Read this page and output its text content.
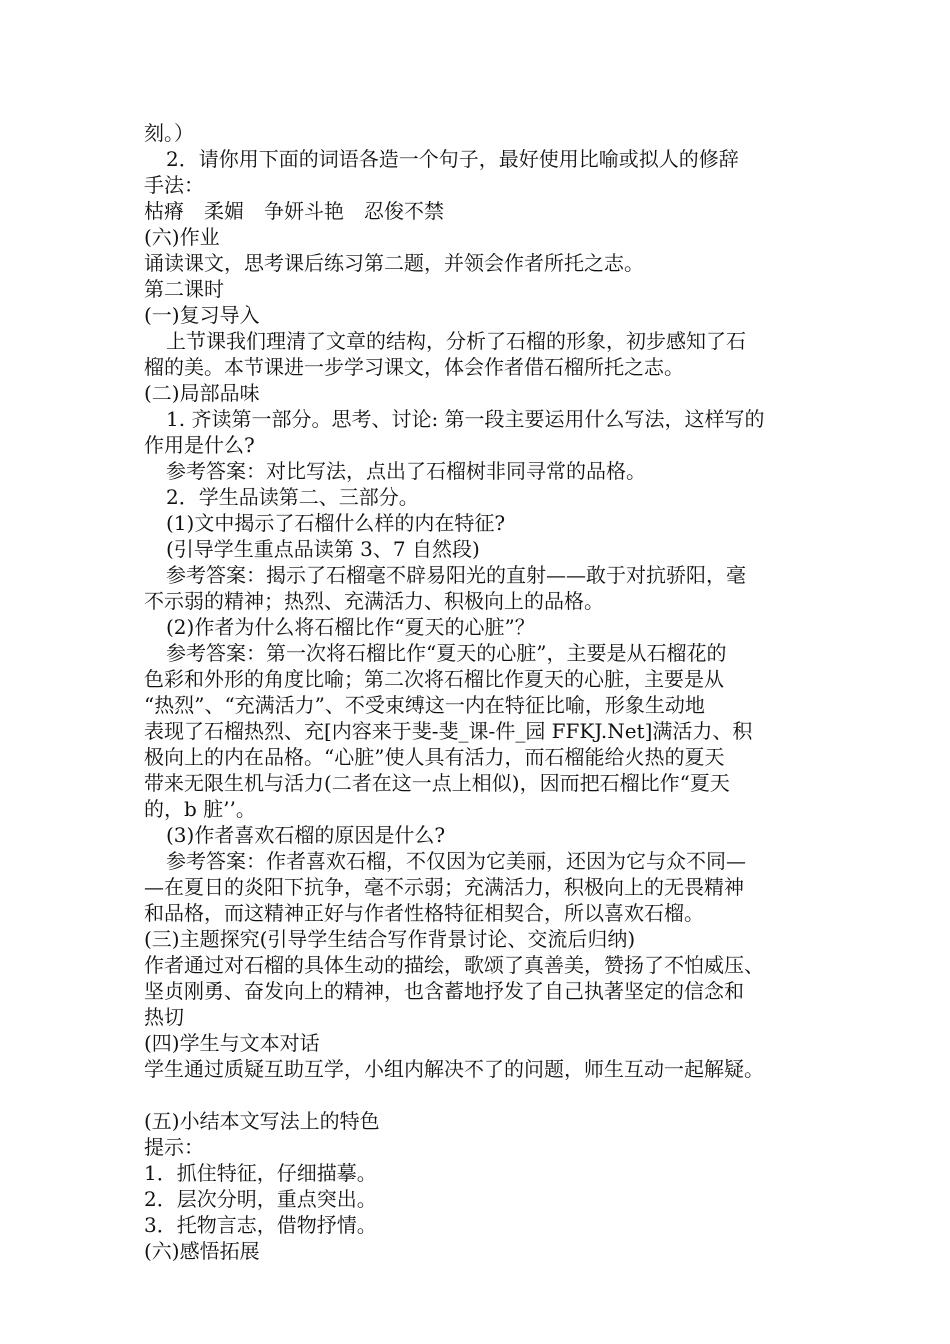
刻。）
2．请你用下面的词语各造一个句子，最好使用比喻或拟人的修辞
手法：
枯瘠　柔媚　争妍斗艳　忍俊不禁
(六)作业
诵读课文，思考课后练习第二题，并领会作者所托之志。
第二课时
(一)复习导入
上节课我们理清了文章的结构，分析了石榴的形象，初步感知了石
榴的美。本节课进一步学习课文，体会作者借石榴所托之志。
(二)局部品味
1. 齐读第一部分。思考、讨论: 第一段主要运用什么写法，这样写的
作用是什么?
参考答案：对比写法，点出了石榴树非同寻常的品格。
2．学生品读第二、三部分。
(1)文中揭示了石榴什么样的内在特征?
(引导学生重点品读第 3、7 自然段)
参考答案：揭示了石榴毫不辟易阳光的直射——敢于对抗骄阳，毫
不示弱的精神；热烈、充满活力、积极向上的品格。
(2)作者为什么将石榴比作“夏天的心脏”？
参考答案：第一次将石榴比作“夏天的心脏”，主要是从石榴花的
色彩和外形的角度比喻；第二次将石榴比作夏天的心脏，主要是从
“热烈”、“充满活力”、不受束缚这一内在特征比喻，形象生动地
表现了石榴热烈、充[内容来于斐-斐_课-件_园 FFKJ.Net]满活力、积
极向上的内在品格。“心脏”使人具有活力，而石榴能给火热的夏天
带来无限生机与活力(二者在这一点上相似)，因而把石榴比作“夏天
的，b 脏’’。
(3)作者喜欢石榴的原因是什么?
参考答案：作者喜欢石榴，不仅因为它美丽，还因为它与众不同—
—在夏日的炎阳下抗争，毫不示弱；充满活力，积极向上的无畏精神
和品格，而这精神正好与作者性格特征相契合，所以喜欢石榴。
(三)主题探究(引导学生结合写作背景讨论、交流后归纳)
作者通过对石榴的具体生动的描绘，歌颂了真善美，赞扬了不怕威压、
坚贞刚勇、奋发向上的精神，也含蓄地抒发了自己执著坚定的信念和
热切
(四)学生与文本对话
学生通过质疑互助互学，小组内解决不了的问题，师生互动一起解疑。
(五)小结本文写法上的特色
提示：
1．抓住特征，仔细描摹。
2．层次分明，重点突出。
3．托物言志，借物抒情。
(六)感悟拓展
